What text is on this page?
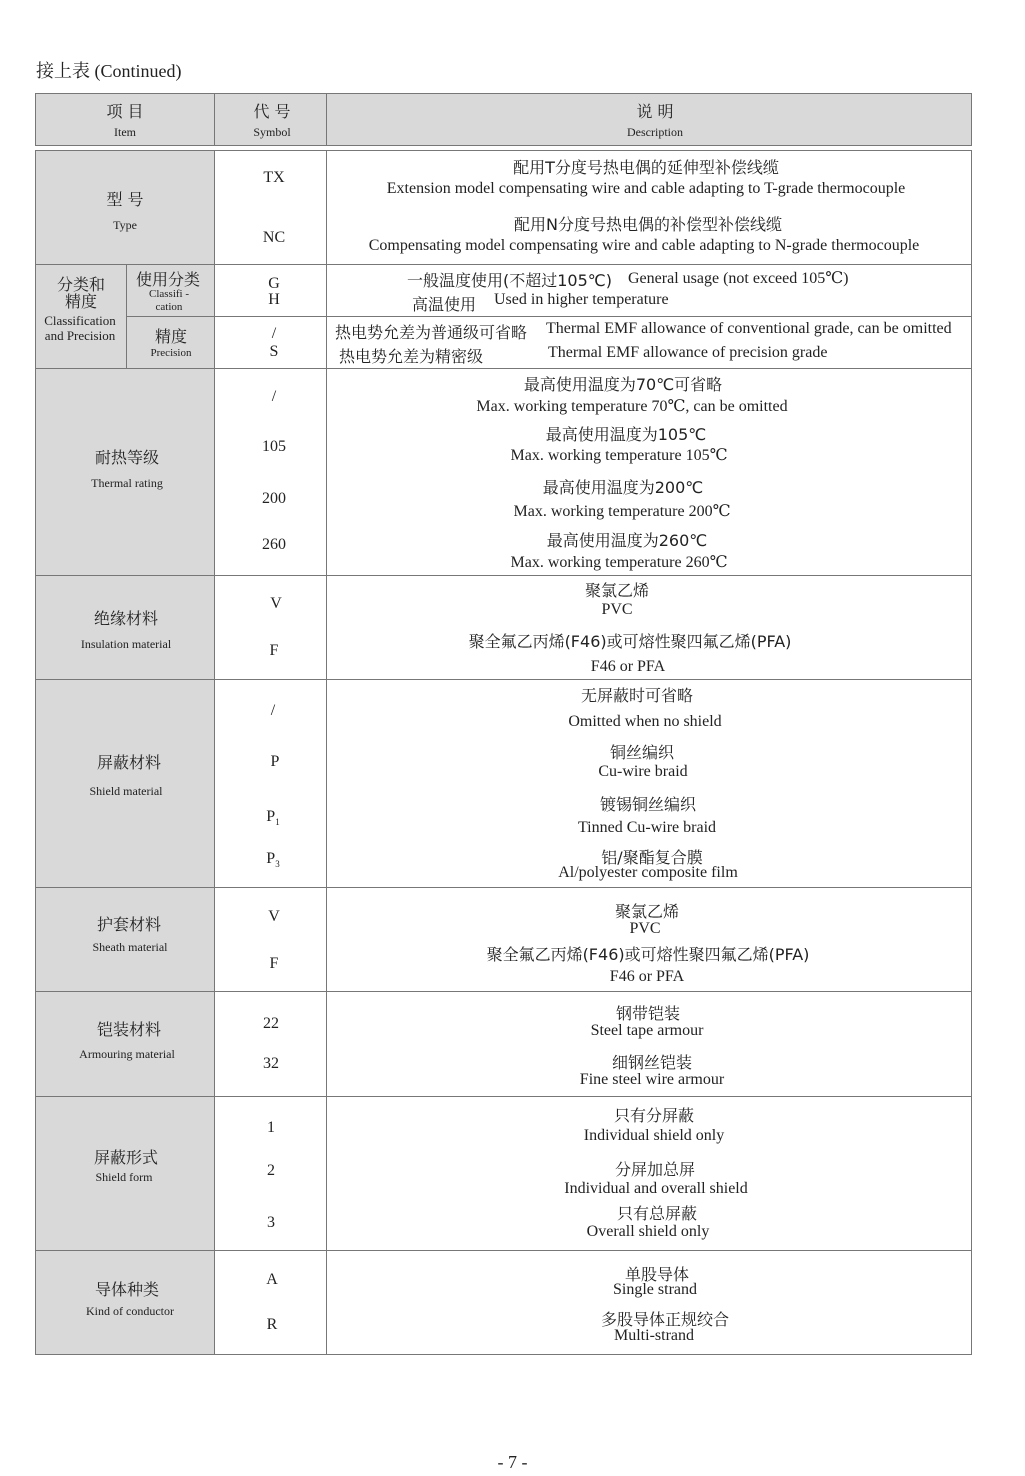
接上表 (Continued)
项 目
Item
代 号
Symbol
说 明
Description
型 号
Type
TX
NC
配用T分度号热电偶的延伸型补偿线缆
Extension model compensating wire and cable adapting to T-grade thermocouple
配用N分度号热电偶的补偿型补偿线缆
Compensating model compensating wire and cable adapting to N-grade thermocouple
分类和精度
Classification and Precision
使用分类
Classifi -cation
精度
Precision
G
H
一般温度使用(不超过105℃) General usage (not exceed 105℃)
高温使用 Used in higher temperature
/
S
热电势允差为普通级可省略 Thermal EMF allowance of conventional grade, can be omitted
热电势允差为精密级	Thermal EMF allowance of precision grade
耐热等级
Thermal rating
/
105
200
260
最高使用温度为70℃可省略
Max. working temperature 70℃, can be omitted
最高使用温度为105℃
Max. working temperature 105℃
最高使用温度为200℃
Max. working temperature 200℃
最高使用温度为260℃
Max. working temperature 260℃
绝缘材料
Insulation material
V
F
聚氯乙烯
PVC
聚全氟乙丙烯(F46)或可熔性聚四氟乙烯(PFA)
F46 or PFA
屏蔽材料
Shield material
/
P
$P_1$
$P_3$
无屏蔽时可省略
Omitted when no shield
铜丝编织
Cu-wire braid
镀锡铜丝编织
Tinned Cu-wire braid
铝/聚酯复合膜
Al/polyester composite film
护套材料
Sheath material
V
F
聚氯乙烯
PVC
聚全氟乙丙烯(F46)或可熔性聚四氟乙烯(PFA)
F46 or PFA
铠装材料
Armouring material
22
32
钢带铠装
Steel tape armour
细钢丝铠装
Fine steel wire armour
屏蔽形式
Shield form
1
2
3
只有分屏蔽
Individual shield only
分屏加总屏
Individual and overall shield
只有总屏蔽
Overall shield only
导体种类
Kind of conductor
A
R
单股导体
Single strand
多股导体正规绞合
Multi-strand
- 7 -
